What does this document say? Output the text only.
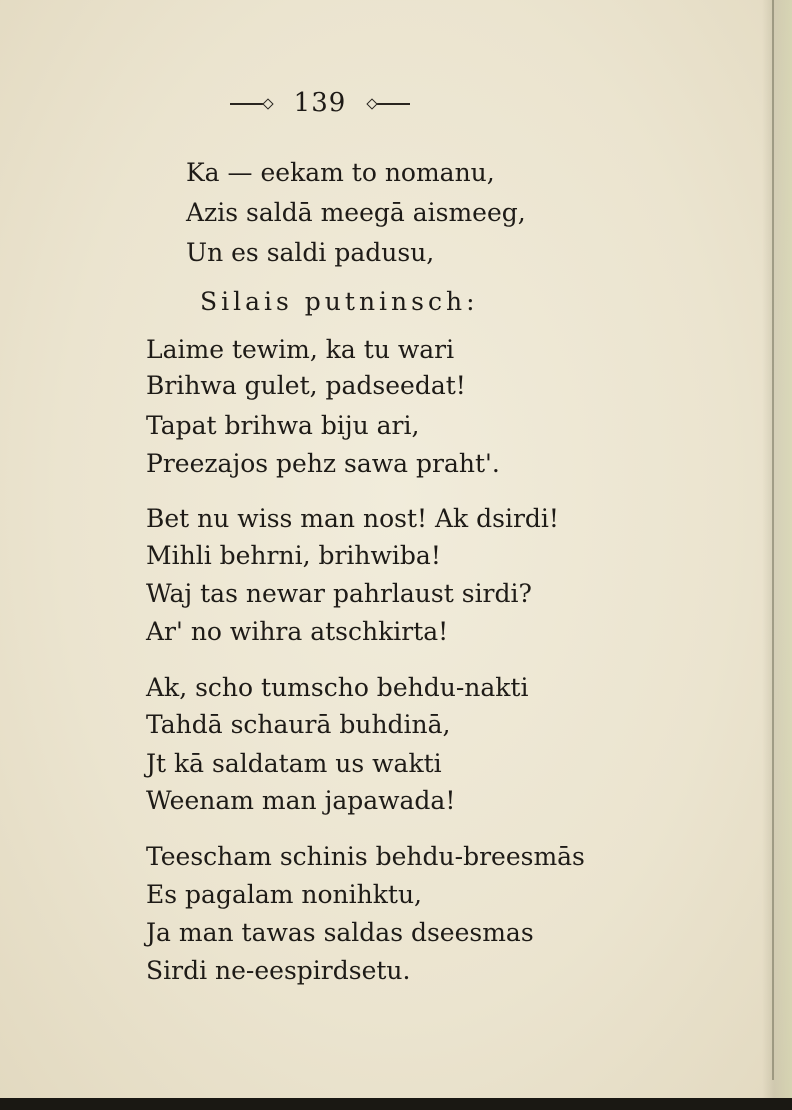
139
Ka — eekam to nomanu,
Azis saldā meegā aismeeg,
Un es saldi padusu,
Silais putninsch:
Laime tewim, ka tu wari
Brihwa gulet, padseedat!
Tapat brihwa biju ari,
Preezajos pehz sawa praht'.
Bet nu wiss man nost! Ak dsirdi!
Mihli behrni, brihwiba!
Waj tas newar pahrlaust sirdi?
Ar' no wihra atschkirta!
Ak, scho tumscho behdu-nakti
Tahdā schaurā buhdinā,
Jt kā saldatam us wakti
Weenam man japawada!
Teescham schinis behdu-breesmās
Es pagalam nonihktu,
Ja man tawas saldas dseesmas
Sirdi ne-eespirdsetu.
